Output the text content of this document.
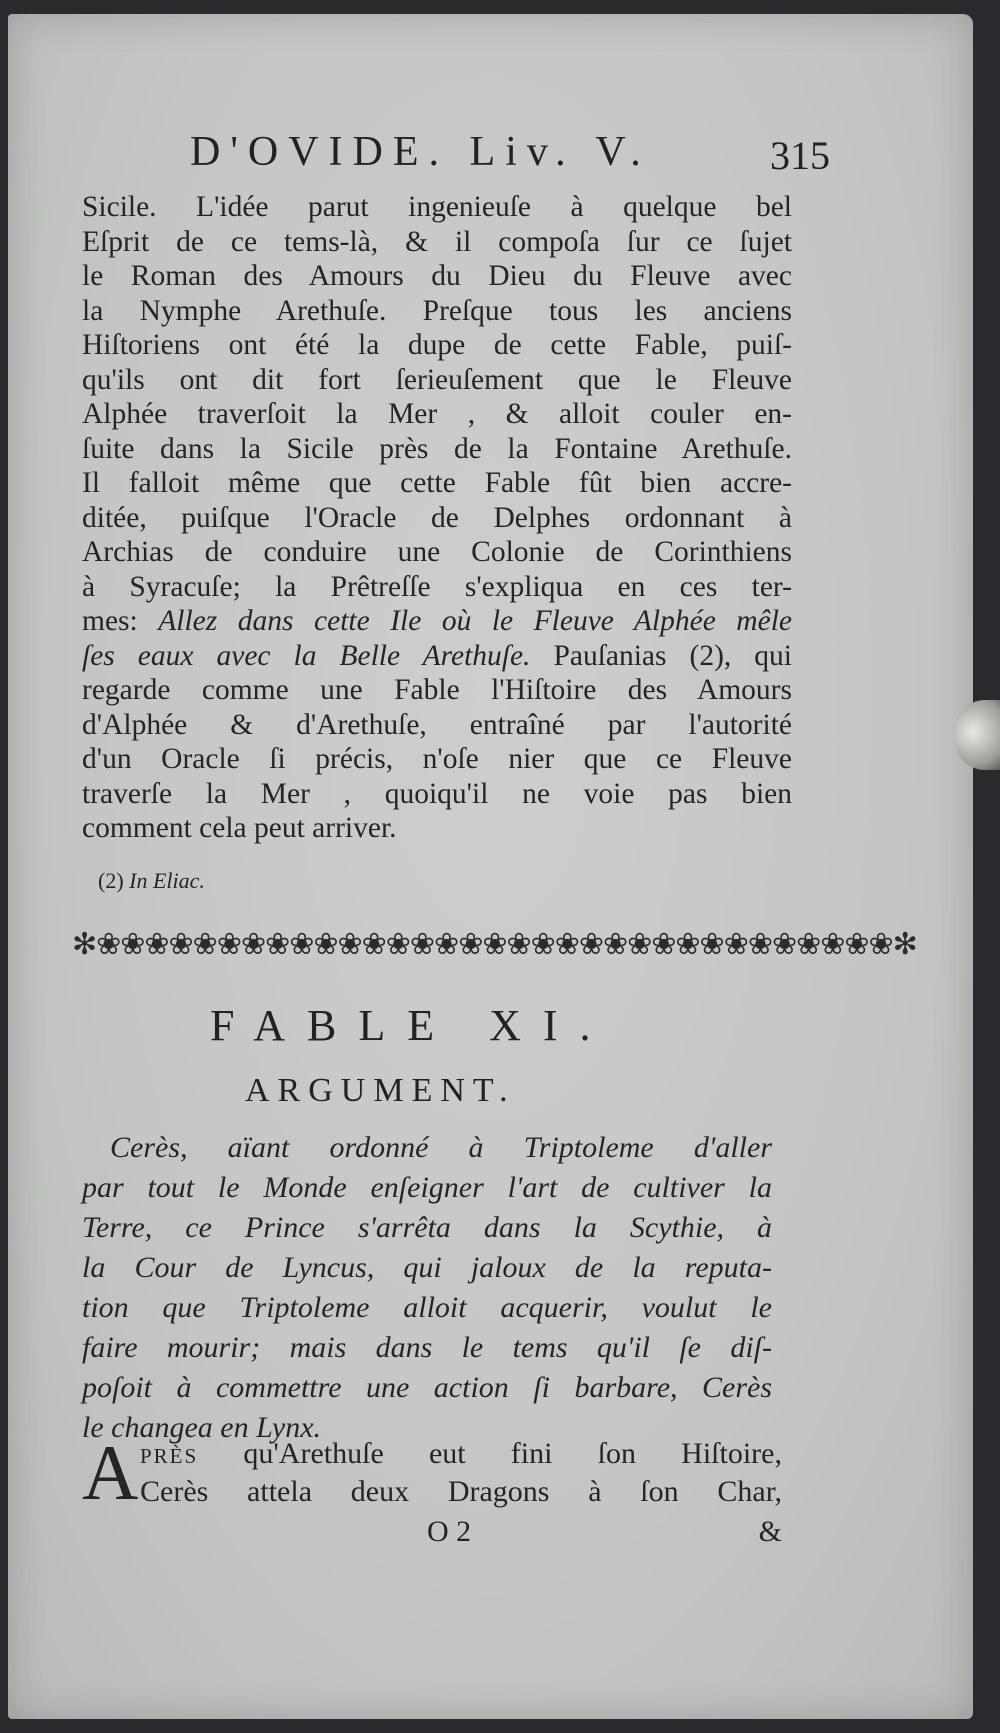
D'OVIDE. Liv. V.	315
Sicile. L'idée parut ingenieuſe à quelque bel
Eſprit de ce tems-là, & il compoſa ſur ce ſujet
le Roman des Amours du Dieu du Fleuve avec
la Nymphe Arethuſe. Preſque tous les anciens
Hiſtoriens ont été la dupe de cette Fable, puiſ-
qu'ils ont dit fort ſerieuſement que le Fleuve
Alphée traverſoit la Mer , & alloit couler en-
ſuite dans la Sicile près de la Fontaine Arethuſe.
Il falloit même que cette Fable fût bien accre-
ditée, puiſque l'Oracle de Delphes ordonnant à
Archias de conduire une Colonie de Corinthiens
à Syracuſe; la Prêtreſſe s'expliqua en ces ter-
mes: Allez dans cette Ile où le Fleuve Alphée mêle
ſes eaux avec la Belle Arethuſe. Pauſanias (2), qui
regarde comme une Fable l'Hiſtoire des Amours
d'Alphée & d'Arethuſe, entraîné par l'autorité
d'un Oracle ſi précis, n'oſe nier que ce Fleuve
traverſe la Mer , quoiqu'il ne voie pas bien
comment cela peut arriver.
(2) In Eliac.
✻❀❀❀❀❀❀❀❀❀❀❀❀❀❀❀❀❀❀❀❀❀❀❀❀❀❀❀❀❀❀❀❀❀✻
FABLE XI.
ARGUMENT.
Cerès, aïant ordonné à Triptoleme d'aller
par tout le Monde enſeigner l'art de cultiver la
Terre, ce Prince s'arrêta dans la Scythie, à
la Cour de Lyncus, qui jaloux de la reputa-
tion que Triptoleme alloit acquerir, voulut le
faire mourir; mais dans le tems qu'il ſe diſ-
poſoit à commettre une action ſi barbare, Cerès
le changea en Lynx.
A près qu'Arethuſe eut fini ſon Hiſtoire,
Cerès attela deux Dragons à ſon Char,
O 2	&
